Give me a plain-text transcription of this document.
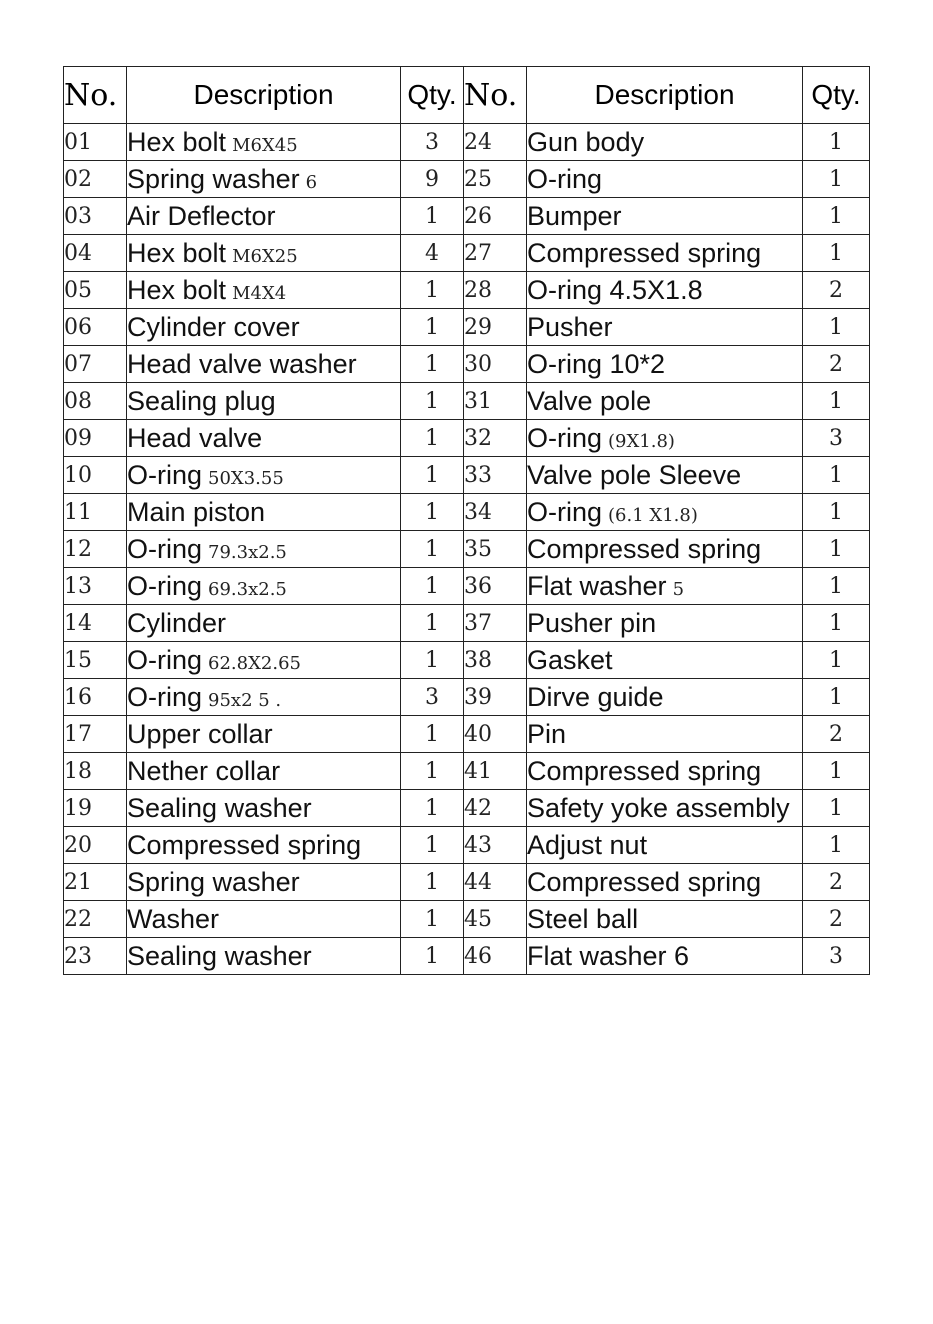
No.	Description	Qty.	No.	Description	Qty.
01	Hex bolt M6X45	3	24	Gun body	1
02	Spring washer 6	9	25	O-ring	1
03	Air Deflector	1	26	Bumper	1
04	Hex bolt M6X25	4	27	Compressed spring	1
05	Hex bolt M4X4	1	28	O-ring 4.5X1.8	2
06	Cylinder cover	1	29	Pusher	1
07	Head valve washer	1	30	O-ring 10*2	2
08	Sealing plug	1	31	Valve pole	1
09	Head valve	1	32	O-ring (9X1.8)	3
10	O-ring 50X3.55	1	33	Valve pole Sleeve	1
11	Main piston	1	34	O-ring (6.1 X1.8)	1
12	O-ring 79.3x2.5	1	35	Compressed spring	1
13	O-ring 69.3x2.5	1	36	Flat washer 5	1
14	Cylinder	1	37	Pusher pin	1
15	O-ring 62.8X2.65	1	38	Gasket	1
16	O-ring 95x2 5 .	3	39	Dirve guide	1
17	Upper collar	1	40	Pin	2
18	Nether collar	1	41	Compressed spring	1
19	Sealing washer	1	42	Safety yoke assembly	1
20	Compressed spring	1	43	Adjust nut	1
21	Spring washer	1	44	Compressed spring	2
22	Washer	1	45	Steel ball	2
23	Sealing washer	1	46	Flat washer 6	3
